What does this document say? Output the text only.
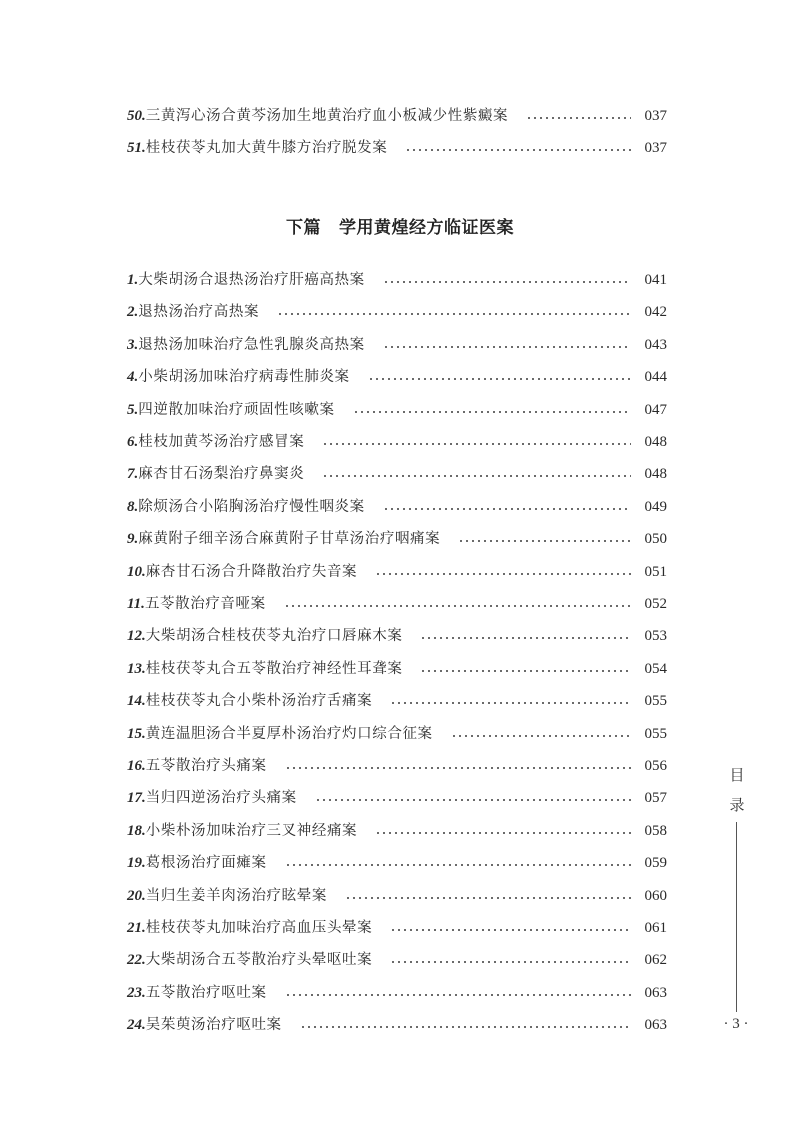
50. 三黄泻心汤合黄芩汤加生地黄治疗血小板减少性紫癜案	037
51. 桂枝茯苓丸加大黄牛膝方治疗脱发案	037
下篇 学用黄煌经方临证医案
1. 大柴胡汤合退热汤治疗肝癌高热案	041
2. 退热汤治疗高热案	042
3. 退热汤加味治疗急性乳腺炎高热案	043
4. 小柴胡汤加味治疗病毒性肺炎案	044
5. 四逆散加味治疗顽固性咳嗽案	047
6. 桂枝加黄芩汤治疗感冒案	048
7. 麻杏甘石汤梨治疗鼻窦炎	048
8. 除烦汤合小陷胸汤治疗慢性咽炎案	049
9. 麻黄附子细辛汤合麻黄附子甘草汤治疗咽痛案	050
10. 麻杏甘石汤合升降散治疗失音案	051
11. 五苓散治疗音哑案	052
12. 大柴胡汤合桂枝茯苓丸治疗口唇麻木案	053
13. 桂枝茯苓丸合五苓散治疗神经性耳聋案	054
14. 桂枝茯苓丸合小柴朴汤治疗舌痛案	055
15. 黄连温胆汤合半夏厚朴汤治疗灼口综合征案	055
16. 五苓散治疗头痛案	056
17. 当归四逆汤治疗头痛案	057
18. 小柴朴汤加味治疗三叉神经痛案	058
19. 葛根汤治疗面瘫案	059
20. 当归生姜羊肉汤治疗眩晕案	060
21. 桂枝茯苓丸加味治疗高血压头晕案	061
22. 大柴胡汤合五苓散治疗头晕呕吐案	062
23. 五苓散治疗呕吐案	063
24. 吴茱萸汤治疗呕吐案	063
目
录
· 3 ·
